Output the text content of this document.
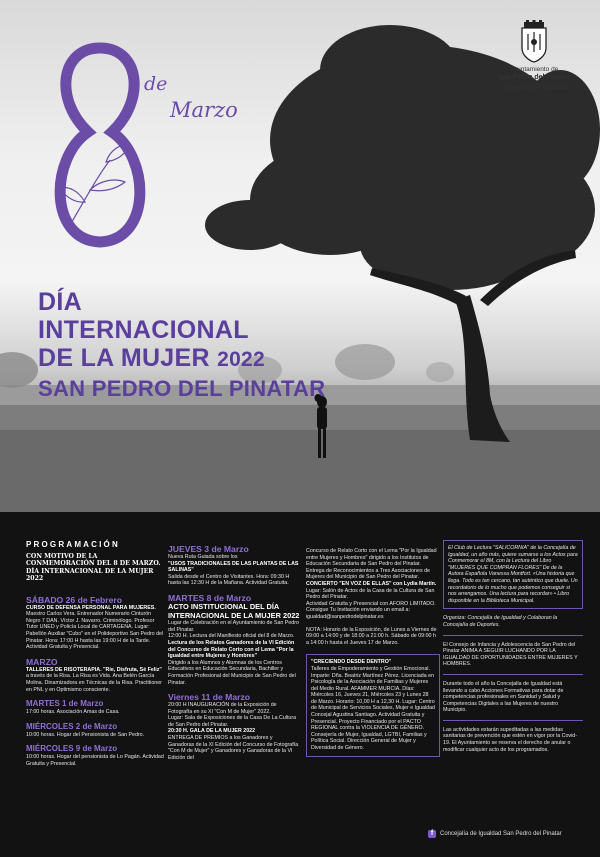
de
Marzo
Ayuntamiento de
San Pedro del Pinatar
Concejalía de Igualdad
DÍA
INTERNACIONAL
DE LA MUJER 2022
SAN PEDRO DEL PINATAR
PROGRAMACIÓN
CON MOTIVO DE LA CONMEMORACIÓN DEL 8 DE MARZO. DÍA INTERNACIONAL DE LA MUJER 2022
SÁBADO 26 de Febrero

CURSO DE DEFENSA PERSONAL PARA MUJERES.

Maestro Carlos Vera. Entrenador Numerario Cinturón Negro 7 DAN. Víctor J. Navarro. Criminólogo. Profesor Tutor UNED y Policía Local de CARTAGENA. Lugar: Pabellón Auxiliar "Cubo" en el Polideportivo San Pedro del Pinatar. Hora: 17:00 H hasta las 19:00 H de la Tarde. Actividad Gratuita y Presencial.

MARZO

TALLERES DE RISOTERAPIA. "Ríe, Disfruta, Sé Feliz"

a través de la Risa. La Risa es Vida. Ana Belén García Molina. Dinamizadora en Técnicas de la Risa. Practitioner en PNL y en Optimismo consciente.

MARTES 1 de Marzo

17:00 horas. Asociación Amas de Casa.

MIÉRCOLES 2 de Marzo

10:00 horas. Hogar del Pensionista de San Pedro.

MIÉRCOLES 9 de Marzo

10:00 horas. Hogar del pensionista de Lo Pagán. Actividad Gratuita y Presencial.

JUEVES 3 de Marzo

Nueva Ruta Guiada sobre los

"USOS TRADICIONALES DE LAS PLANTAS DE LAS SALINAS"

Salida desde el Centro de Visitantes. Hora: 09:30 H hasta las 12:30 H de la Mañana. Actividad Gratuita.

MARTES 8 de Marzo

ACTO INSTITUCIONAL DEL DÍA INTERNACIONAL DE LA MUJER 2022

Lugar de Celebración en el Ayuntamiento de San Pedro del Pinatar.

12:00 H. Lectura del Manifiesto oficial del 8 de Marzo.

Lectura de los Relatos Ganadores de la VI Edición del Concurso de Relato Corto con el Lema "Por la Igualdad entre Mujeres y Hombres"

Dirigido a los Alumnos y Alumnas de los Centros Educativos en Educación Secundaria, Bachiller y Formación Profesional del Municipio de San Pedro del Pinatar.

Viernes 11 de Marzo

20:00 H INAUGURACIÓN de la Exposición de Fotografía en su XI "Con M de Mujer" 2022.

Lugar: Sala de Exposiciones de la Casa De La Cultura de San Pedro del Pinatar.

20:30 H. GALA DE LA MUJER 2022

ENTREGA DE PREMIOS a los Ganadores y Ganadoras de la XI Edición del Concurso de Fotografía "Con M de Mujer" y Ganadores y Ganadoras de la VI Edición del

Concurso de Relato Corto con el Lema "Por la Igualdad entre Mujeres y Hombres" dirigido a los Institutos de Educación Secundaria de San Pedro del Pinatar.

Entrega de Reconocimientos a Tres Asociaciones de Mujeres del Municipio de San Pedro del Pinatar.

CONCIERTO "EN VOZ DE ELLAS" con Lydia Martín.

Lugar: Salón de Actos de la Casa de la Cultura de San Pedro del Pinatar.

Actividad Gratuita y Presencial con AFORO LIMITADO. Consigue Tu Invitación enviando un email a: igualdad@sanpedrodelpinatar.es

NOTA: Horario de la Exposición, de Lunes a Viernes de 09:00 a 14:00 y de 18:00 a 21:00 h. Sábado de 09:00 h a 14:00 h hasta el Jueves 17 de Marzo.

"CRECIENDO DESDE DENTRO"

Talleres de Empoderamiento y Gestión Emocional. Imparte: Dña. Beatriz Martínez Pérez. Licenciada en Psicología de la Asociación de Familias y Mujeres del Medio Rural. AFAMMER MURCIA. Días: Miércoles 16, Jueves 21, Miércoles 23 y Lunes 28 de Marzo. Horario: 10,00 H a 12,30 H. Lugar: Centro de Municipal de Servicios Sociales, Mujer e Igualdad Concejal Agustina Santiago. Actividad Gratuita y Presencial. Proyecto Financiado por el PACTO REGIONAL contra la VIOLENCIA DE GÉNERO. Consejería de Mujer, Igualdad, LGTBI, Familias y Política Social. Dirección General de Mujer y Diversidad de Género.

El Club de Lectura "SALICORNIA" de la Concejalía de Igualdad, un año más, quiere sumarse a los Actos para Conmemorar el 8M, con la Lectura del Libro "MUJERES QUE COMPRAN FLORES" De de la Autora Española Vanessa Montfort. «Una historia que llega. Todo es tan cercano, tan auténtico que duele. Un recordatorio de lo mucho que podemos conseguir si nos arrengamos. Una lectura para recordar» • Libro disponible en la Biblioteca Municipal.

Organiza: Concejalía de Igualdad y Colaboran la Concejalía de Deportes.

El Consejo de Infancia y Adolescencia de San Pedro del Pinatar ANIMA A SEGUIR LUCHANDO POR LA IGUALDAD DE OPORTUNIDADES ENTRE MUJERES Y HOMBRES.

Durante todo el año la Concejalía de Igualdad está llevando a cabo Acciones Formativas para dotar de competencias profesionales en Sanidad y Salud y Competencias Digitales a las Mujeres de nuestro Municipio.

Las actividades estarán supeditadas a las medidas sanitarias de prevención que estén en vigor por la Covid-19. El Ayuntamiento se reserva el derecho de anular o modificar cualquier acto de los programados.

f	Concejalía de Igualdad San Pedro del Pinatar
